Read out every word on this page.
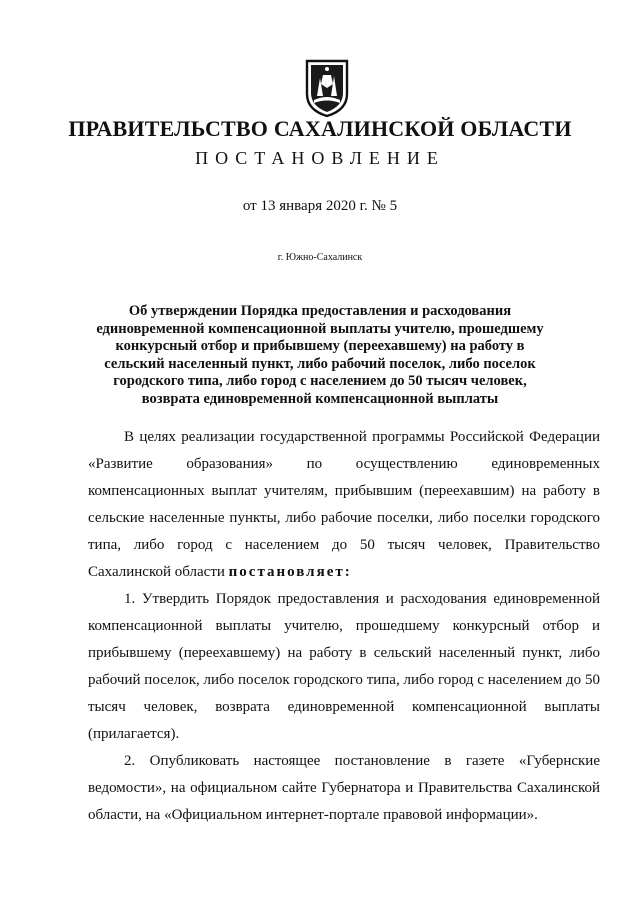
ПРАВИТЕЛЬСТВО САХАЛИНСКОЙ ОБЛАСТИ
ПОСТАНОВЛЕНИЕ
от 13 января 2020 г. № 5
г. Южно-Сахалинск
Об утверждении Порядка предоставления и расходования единовременной компенсационной выплаты учителю, прошедшему конкурсный отбор и прибывшему (переехавшему) на работу в сельский населенный пункт, либо рабочий поселок, либо поселок городского типа, либо город с населением до 50 тысяч человек, возврата единовременной компенсационной выплаты

В целях реализации государственной программы Российской Федерации «Развитие образования» по осуществлению единовременных компенсационных выплат учителям, прибывшим (переехавшим) на работу в сельские населенные пункты, либо рабочие поселки, либо поселки городского типа, либо город с населением до 50 тысяч человек, Правительство Сахалинской области постановляет:

1. Утвердить Порядок предоставления и расходования единовременной компенсационной выплаты учителю, прошедшему конкурсный отбор и прибывшему (переехавшему) на работу в сельский населенный пункт, либо рабочий поселок, либо поселок городского типа, либо город с населением до 50 тысяч человек, возврата единовременной компенсационной выплаты (прилагается).

2. Опубликовать настоящее постановление в газете «Губернские ведомости», на официальном сайте Губернатора и Правительства Сахалинской области, на «Официальном интернет-портале правовой информации».
